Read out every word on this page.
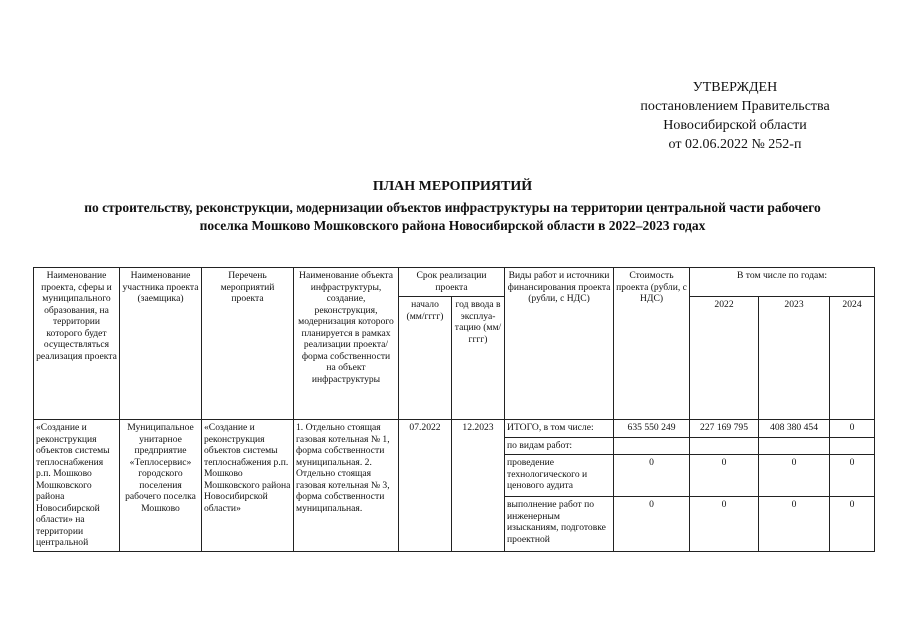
УТВЕРЖДЕН
постановлением Правительства
Новосибирской области
от 02.06.2022 № 252-п
ПЛАН МЕРОПРИЯТИЙ
по строительству, реконструкции, модернизации объектов инфраструктуры на территории центральной части рабочего
поселка Мошково Мошковского района Новосибирской области в 2022–2023 годах
Наименование проекта, сферы и муниципального образования, на территории которого будет осуществляться реализация проекта	Наименование участника проекта (заемщика)	Перечень мероприятий проекта	Наименование объекта инфраструктуры, создание, реконструкция, модернизация которого планируется в рамках реализации проекта/ форма собственности на объект инфраструктуры	Срок реализации проекта		Виды работ и источники финансирования проекта (рубли, с НДС)	Стоимость проекта (рубли, с НДС)	В том числе по годам:		
				начало (мм/гггг)	год ввода в эксплуа-тацию (мм/гггг)			2022	2023	2024
«Создание и реконструкция объектов системы теплоснабжения р.п. Мошково Мошковского района Новосибирской области» на территории центральной	Муниципальное унитарное предприятие «Теплосервис» городского поселения рабочего поселка Мошково	«Создание и реконструкция объектов системы теплоснабжения р.п. Мошково Мошковского района Новосибирской области»	1. Отдельно стоящая газовая котельная № 1, форма собственности муниципальная. 2. Отдельно стоящая газовая котельная № 3, форма собственности муниципальная.	07.2022	12.2023	ИТОГО, в том числе:	635 550 249	227 169 795	408 380 454	0
						по видам работ:				
						проведение технологического и ценового аудита	0	0	0	0
						выполнение работ по инженерным изысканиям, подготовке проектной	0	0	0	0
